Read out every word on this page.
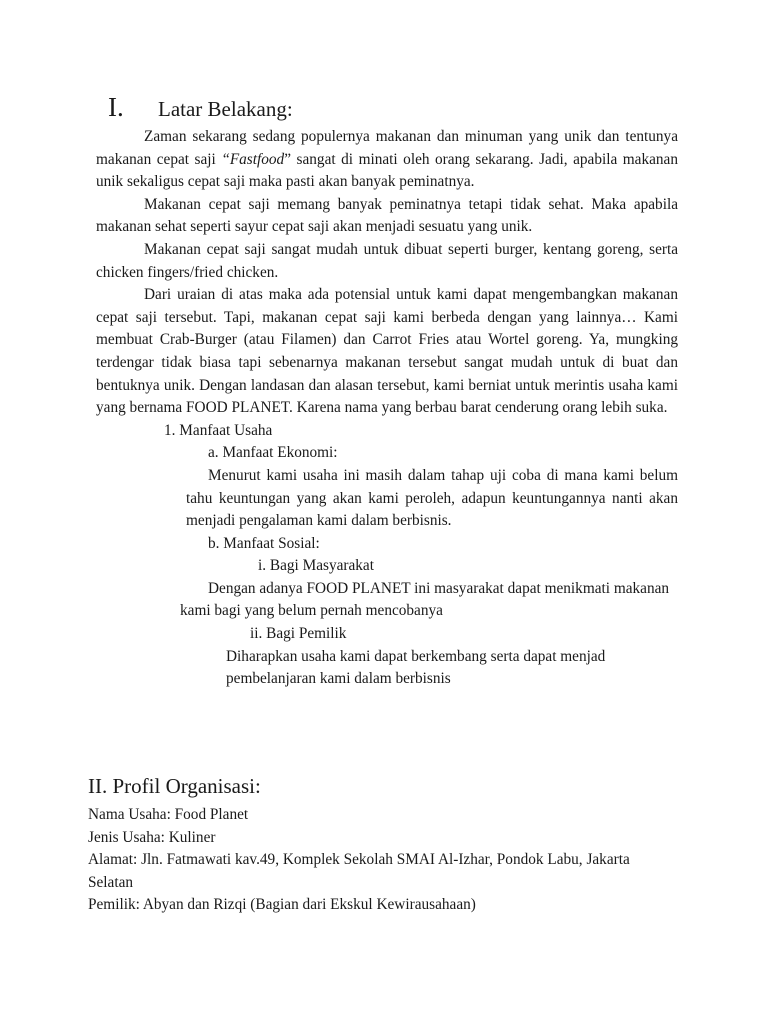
I.	Latar Belakang:

Zaman sekarang sedang populernya makanan dan minuman yang unik dan tentunya makanan cepat saji “Fastfood” sangat di minati oleh orang sekarang. Jadi, apabila makanan unik sekaligus cepat saji maka pasti akan banyak peminatnya.

Makanan cepat saji memang banyak peminatnya tetapi tidak sehat. Maka apabila makanan sehat seperti sayur cepat saji akan menjadi sesuatu yang unik.

Makanan cepat saji sangat mudah untuk dibuat seperti burger, kentang goreng, serta chicken fingers/fried chicken.

Dari uraian di atas maka ada potensial untuk kami dapat mengembangkan makanan cepat saji tersebut. Tapi, makanan cepat saji kami berbeda dengan yang lainnya… Kami membuat Crab-Burger (atau Filamen) dan Carrot Fries atau Wortel goreng. Ya, mungking terdengar tidak biasa tapi sebenarnya makanan tersebut sangat mudah untuk di buat dan bentuknya unik. Dengan landasan dan alasan tersebut, kami berniat untuk merintis usaha kami yang bernama FOOD PLANET. Karena nama yang berbau barat cenderung orang lebih suka.

1. Manfaat Usaha

a. Manfaat Ekonomi:

Menurut kami usaha ini masih dalam tahap uji coba di mana kami belum tahu keuntungan yang akan kami peroleh, adapun keuntungannya nanti akan menjadi pengalaman kami dalam berbisnis.

b. Manfaat Sosial:

i. Bagi Masyarakat

Dengan adanya FOOD PLANET ini masyarakat dapat menikmati makanan kami bagi yang belum pernah mencobanya

ii. Bagi Pemilik

Diharapkan usaha kami dapat berkembang serta dapat menjad pembelanjaran kami dalam berbisnis

II. Profil Organisasi:

Nama Usaha: Food Planet

Jenis Usaha: Kuliner

Alamat: Jln. Fatmawati kav.49, Komplek Sekolah SMAI Al-Izhar, Pondok Labu, Jakarta Selatan

Pemilik: Abyan dan Rizqi (Bagian dari Ekskul Kewirausahaan)
